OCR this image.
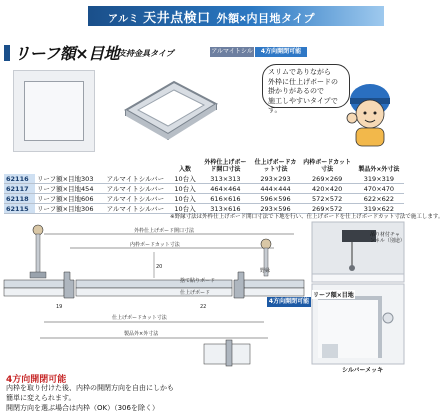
アルミ 天井点検口 外額×内目地タイプ
リーフ額×目地
支持金具タイプ	アルマイトシルバー
4方向開閉可能
スリムでありながら
外枠に仕上げボードの
掛かりがあるので
施工しやすいタイプです。
			入数	外枠仕上げボード開口寸法	仕上げボードカット寸法	内枠ボードカット寸法	製品外×外寸法
62116	リーフ額×目地303	アルマイトシルバー	10台入	313×313	293×293	269×269	319×319
62117	リーフ額×目地454	アルマイトシルバー	10台入	464×464	444×444	420×420	470×470
62118	リーフ額×目地606	アルマイトシルバー	10台入	616×616	596×596	572×572	622×622
62115	リーフ額×目地306	アルマイトシルバー	10台入	313×616	293×596	269×572	319×622
※野縁寸法は外枠仕上げボード開口寸法で下地を行い、仕上げボードを仕上げボードカット寸法で施工します。
外枠仕上げボード開口寸法
内枠ボードカット寸法
20
19	22
捨て貼りボード
仕上げボード
野縁
仕上げボードカット寸法
製品外×外寸法
吊り材付チャンネル（別途）
リーフ額×目地
シルバーメッキ
4方向開閉可能
4方向開閉可能
内枠を取り付けた後、内枠の開閉方向を自由にしかも
簡単に変えられます。
開閉方向を選ぶ場合は内枠（OK）（306を除く）
